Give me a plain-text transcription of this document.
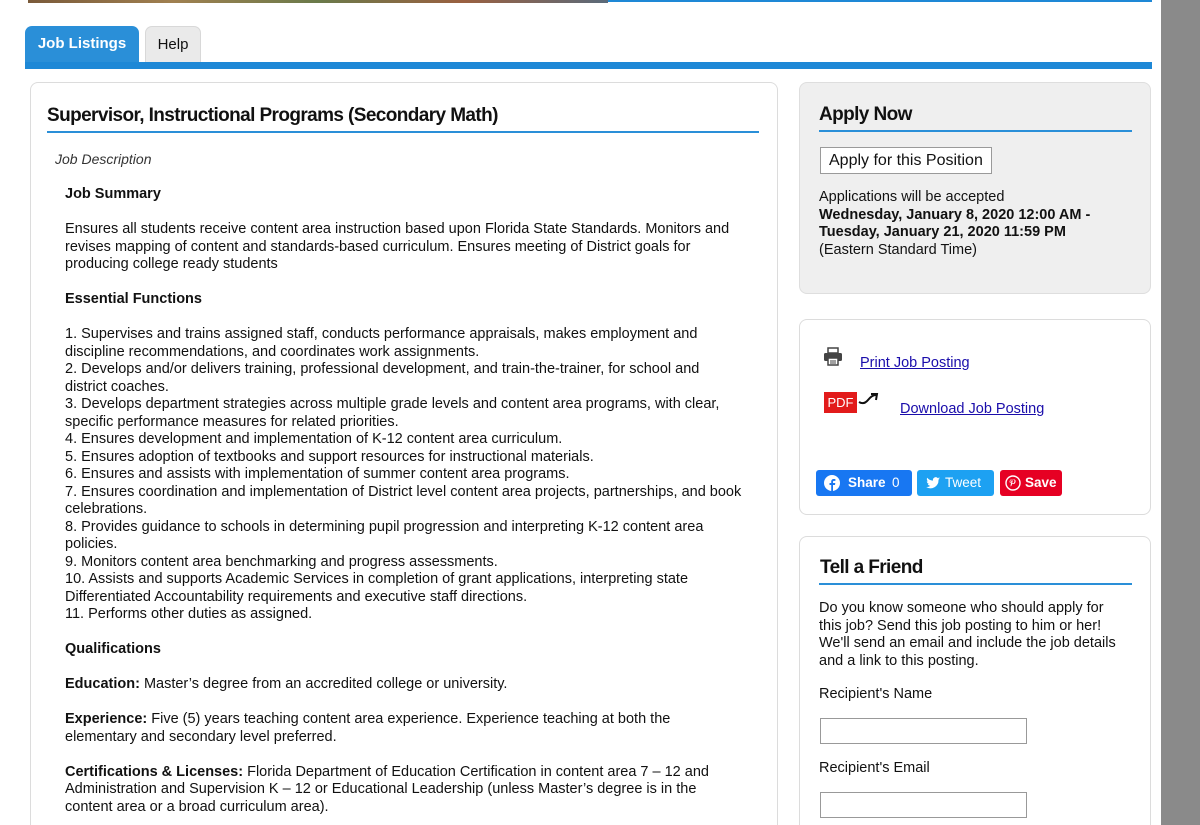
Job Listings	Help
Supervisor, Instructional Programs (Secondary Math)
Job Description

Job Summary

Ensures all students receive content area instruction based upon Florida State Standards. Monitors and revises mapping of content and standards-based curriculum. Ensures meeting of District goals for producing college ready students

Essential Functions

1. Supervises and trains assigned staff, conducts performance appraisals, makes employment and discipline recommendations, and coordinates work assignments.

2. Develops and/or delivers training, professional development, and train-the-trainer, for school and district coaches.

3. Develops department strategies across multiple grade levels and content area programs, with clear, specific performance measures for related priorities.

4. Ensures development and implementation of K-12 content area curriculum.

5. Ensures adoption of textbooks and support resources for instructional materials.

6. Ensures and assists with implementation of summer content area programs.

7. Ensures coordination and implementation of District level content area projects, partnerships, and book celebrations.

8. Provides guidance to schools in determining pupil progression and interpreting K-12 content area policies.

9. Monitors content area benchmarking and progress assessments.

10. Assists and supports Academic Services in completion of grant applications, interpreting state Differentiated Accountability requirements and executive staff directions.

11. Performs other duties as assigned.

Qualifications

Education: Master’s degree from an accredited college or university.

Experience: Five (5) years teaching content area experience. Experience teaching at both the elementary and secondary level preferred.

Certifications & Licenses: Florida Department of Education Certification in content area 7 – 12 and Administration and Supervision K – 12 or Educational Leadership (unless Master’s degree is in the content area or a broad curriculum area).

Apply Now
Apply for this Position
Applications will be accepted
Wednesday, January 8, 2020 12:00 AM -
Tuesday, January 21, 2020 11:59 PM
(Eastern Standard Time)
Print Job Posting
PDF	Download Job Posting
Share 0	Tweet	Save
Tell a Friend
Do you know someone who should apply for this job? Send this job posting to him or her! We'll send an email and include the job details and a link to this posting.
Recipient's Name
Recipient's Email
